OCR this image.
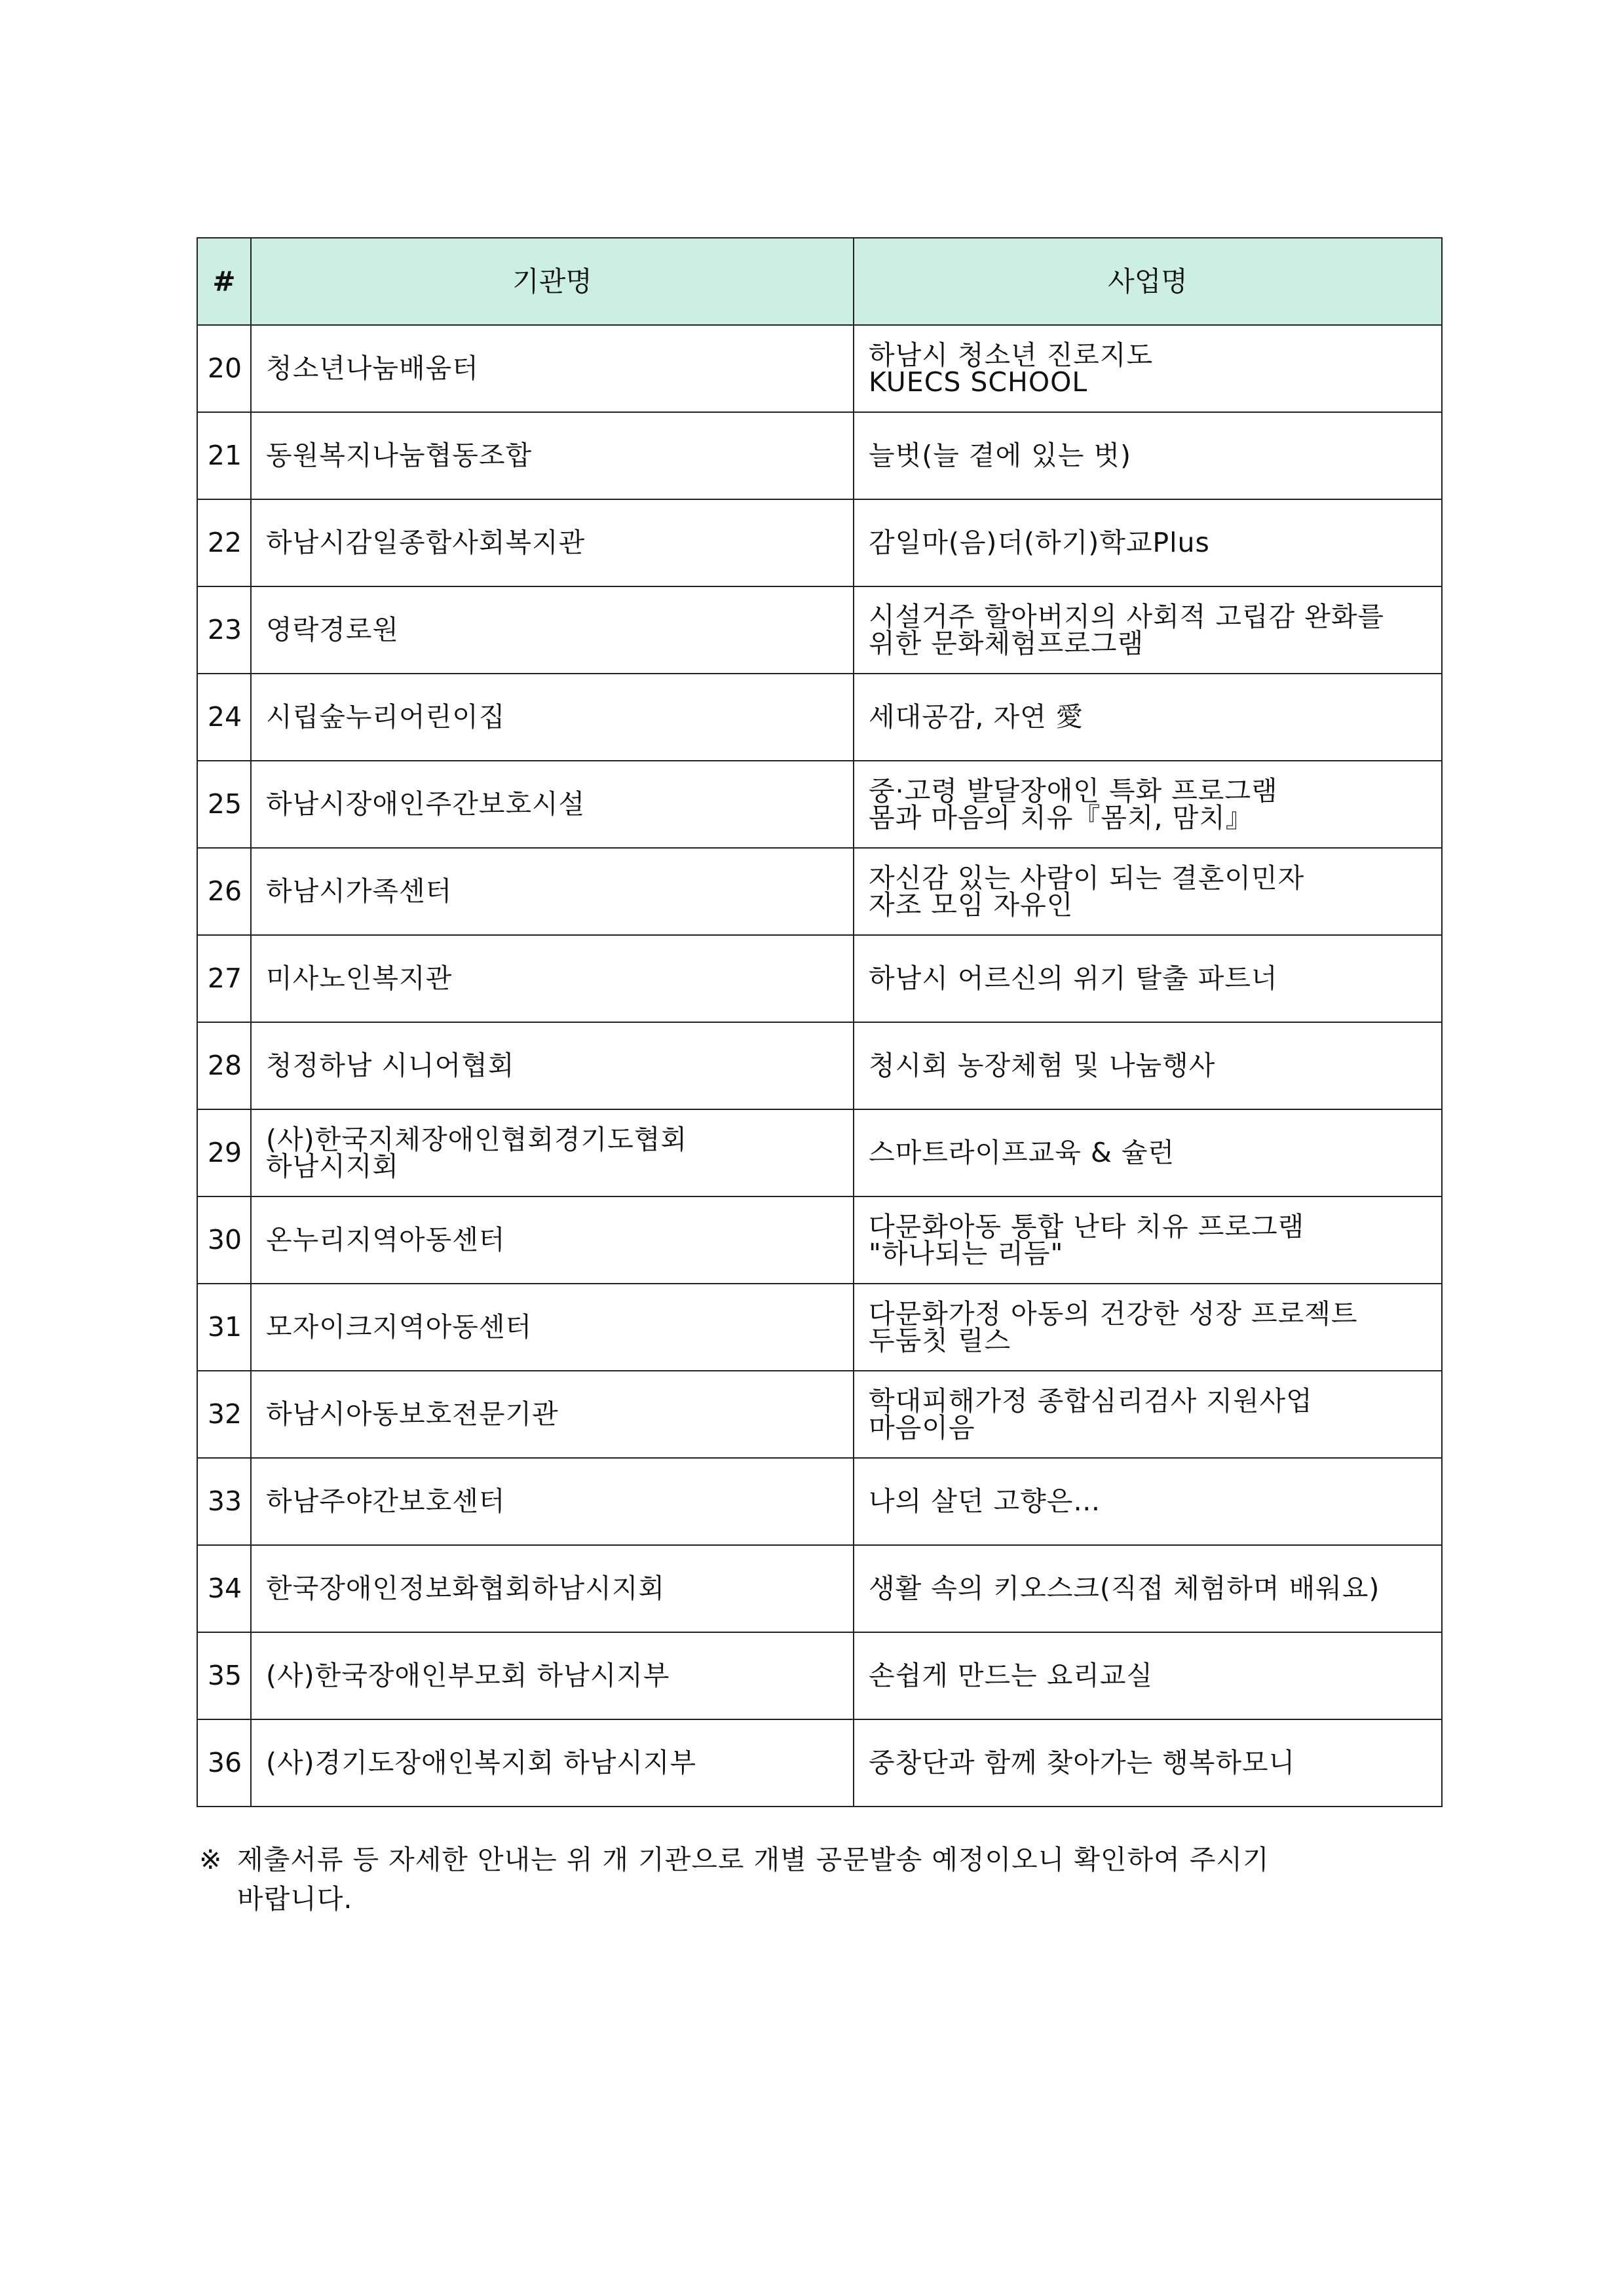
#	기관명	사업명
20	청소년나눔배움터	하남시 청소년 진로지도
KUECS SCHOOL

21	동원복지나눔협동조합	늘벗(늘 곁에 있는 벗)

22	하남시감일종합사회복지관	감일마(음)더(하기)학교Plus

23	영락경로원	시설거주 할아버지의 사회적 고립감 완화를
위한 문화체험프로그램

24	시립숲누리어린이집	세대공감, 자연 愛

25	하남시장애인주간보호시설	중·고령 발달장애인 특화 프로그램
몸과 마음의 치유『몸치, 맘치』

26	하남시가족센터	자신감 있는 사람이 되는 결혼이민자
자조 모임 자유인

27	미사노인복지관	하남시 어르신의 위기 탈출 파트너

28	청정하남 시니어협회	청시회 농장체험 및 나눔행사

29	(사)한국지체장애인협회경기도협회
하남시지회	스마트라이프교육 & 슐런

30	온누리지역아동센터	다문화아동 통합 난타 치유 프로그램
"하나되는 리듬"

31	모자이크지역아동센터	다문화가정 아동의 건강한 성장 프로젝트
두둠칫 릴스

32	하남시아동보호전문기관	학대피해가정 종합심리검사 지원사업
마음이음

33	하남주야간보호센터	나의 살던 고향은…

34	한국장애인정보화협회하남시지회	생활 속의 키오스크(직접 체험하며 배워요)

35	(사)한국장애인부모회 하남시지부	손쉽게 만드는 요리교실

36	(사)경기도장애인복지회 하남시지부	중창단과 함께 찾아가는 행복하모니
※ 제출서류 등 자세한 안내는 위 개 기관으로 개별 공문발송 예정이오니 확인하여 주시기
바랍니다.
